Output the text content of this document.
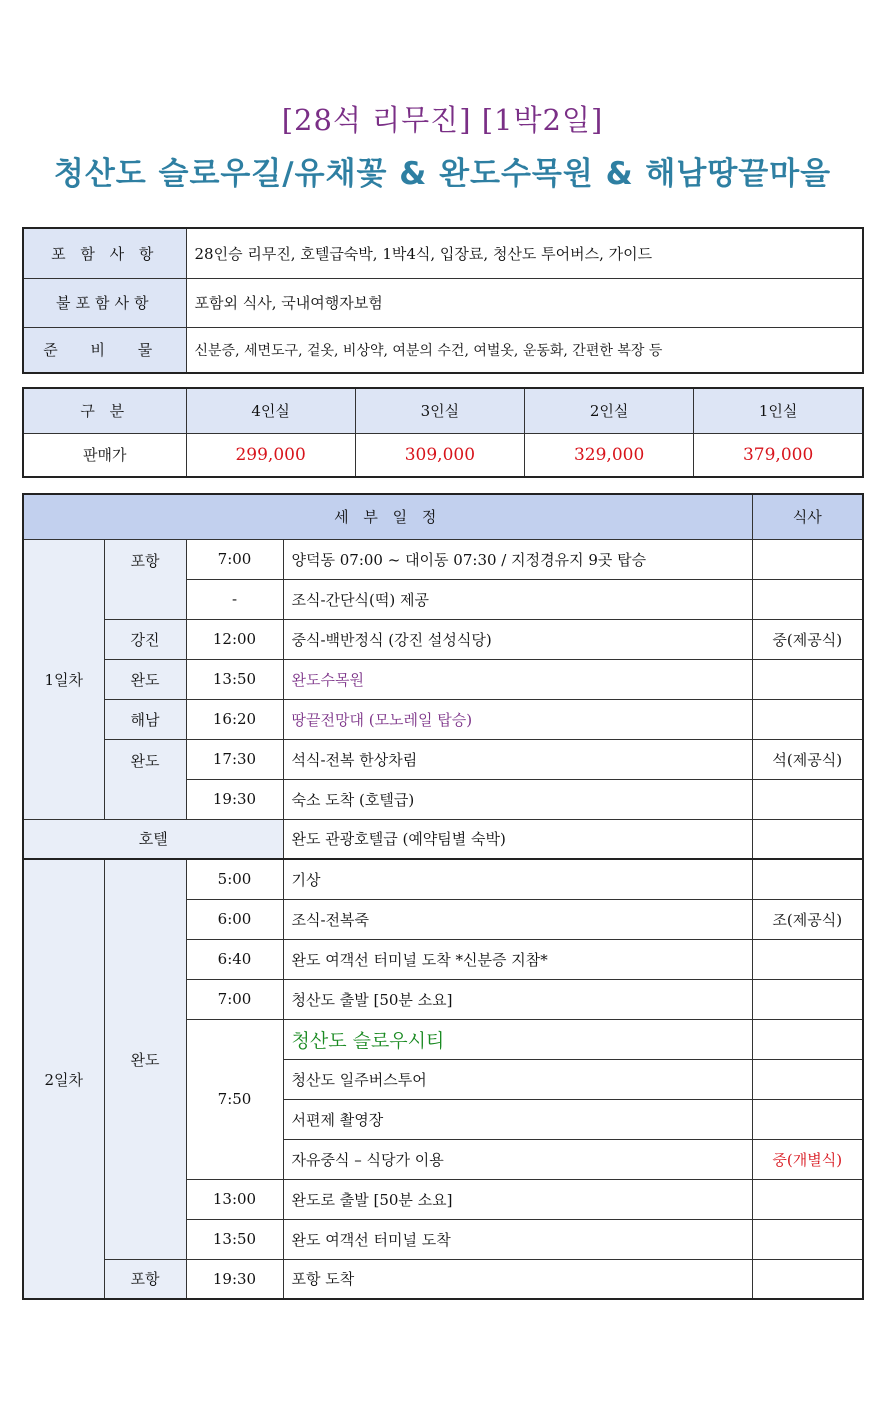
[28석 리무진] [1박2일]
청산도 슬로우길/유채꽃 & 완도수목원 & 해남땅끝마을
포 함 사 항	28인승 리무진, 호텔급숙박, 1박4식, 입장료, 청산도 투어버스, 가이드
불포함사항	포함외 식사, 국내여행자보험
준 비 물	신분증, 세면도구, 겉옷, 비상약, 여분의 수건, 여벌옷, 운동화, 간편한 복장 등
구 분	4인실	3인실	2인실	1인실
판매가	299,000	309,000	329,000	379,000
세 부 일 정				식사
1일차	포항	7:00	양덕동 07:00 ~ 대이동 07:30 / 지정경유지 9곳 탑승	
		-	조식-간단식(떡) 제공	
	강진	12:00	중식-백반정식 (강진 설성식당)	중(제공식)
	완도	13:50	완도수목원	
	해남	16:20	땅끝전망대 (모노레일 탑승)	
	완도	17:30	석식-전복 한상차림	석(제공식)
		19:30	숙소 도착 (호텔급)	
호텔			완도 관광호텔급 (예약팀별 숙박)	
2일차	완도	5:00	기상	
		6:00	조식-전복죽	조(제공식)
		6:40	완도 여객선 터미널 도착 *신분증 지참*	
		7:00	청산도 출발 [50분 소요]	
		7:50	청산도 슬로우시티	
			청산도 일주버스투어	
			서편제 촬영장	
			자유중식 – 식당가 이용	중(개별식)
		13:00	완도로 출발 [50분 소요]	
		13:50	완도 여객선 터미널 도착	
	포항	19:30	포항 도착	
